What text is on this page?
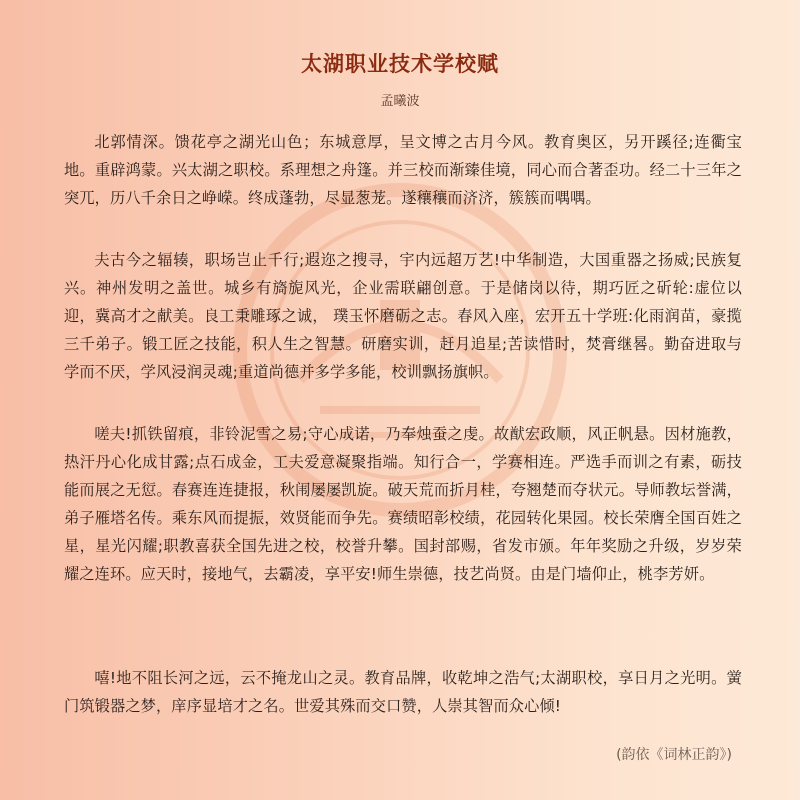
太湖职业技术学校赋
孟曦波

北郭情深。馈花亭之湖光山色；东城意厚，呈文博之古月今风。教育奥区，另开蹊径;连衢宝地。重辟鸿蒙。兴太湖之职校。系理想之舟篷。并三校而渐臻佳境，同心而合著歪功。经二十三年之突兀，历八千余日之峥嵘。终成蓬勃，尽显葱茏。遂穰穰而济济，簇簇而喁喁。

夫古今之辐辏，职场岂止千行;遐迩之搜寻，宇内远超万艺!中华制造，大国重器之扬威;民族复兴。神州发明之盖世。城乡有旖旎风光，企业需联翩创意。于是储岗以待，期巧匠之斫轮:虚位以迎，冀高才之献美。良工秉雕琢之诚， 璞玉怀磨砺之志。春风入座，宏开五十学班:化雨润苗，豪揽三千弟子。锻工匠之技能，积人生之智慧。研磨实训，赶月追星;苦读惜时，焚膏继晷。勤奋进取与学而不厌，学风浸润灵魂;重道尚德并多学多能，校训飘扬旗帜。

嗟夫!抓铁留痕，非铃泥雪之易;守心成诺，乃奉烛蚕之虔。故猷宏政顺，风正帆悬。因材施教，热汗丹心化成甘露;点石成金，工夫爱意凝聚指端。知行合一，学赛相连。严选手而训之有素，砺技能而展之无愆。春赛连连捷报，秋闱屡屡凯旋。破天荒而折月桂，夸翘楚而夺状元。导师教坛誉满，弟子雁塔名传。乘东风而提振，效贤能而争先。赛绩昭彰校绩，花园转化果园。校长荣膺全国百姓之星，星光闪耀;职教喜获全国先进之校，校誉升攀。国封部赐，省发市颁。年年奖励之升级，岁岁荣耀之连环。应天时，接地气，去霸凌，享平安!师生崇德，技艺尚贤。由是门墙仰止，桃李芳妍。

嘻!地不阻长河之远，云不掩龙山之灵。教育品牌，收乾坤之浩气;太湖职校，享日月之光明。黉门筑锻器之梦，庠序显培才之名。世爱其殊而交口赞，人崇其智而众心倾!

(韵依《词林正韵》)
